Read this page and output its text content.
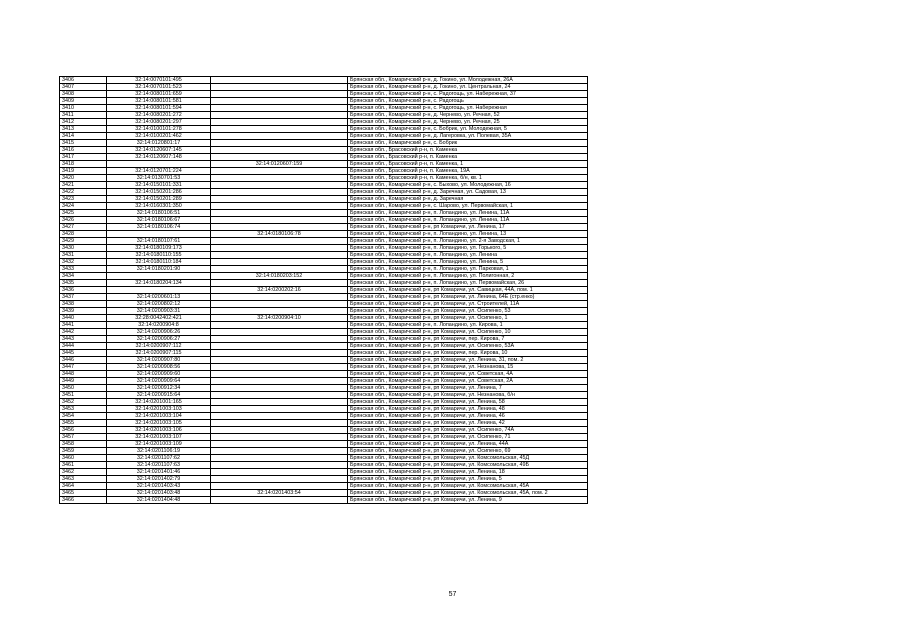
3406	32:14:0070101:495		Брянская обл., Комаричский р-н, д. Гокино, ул. Молодежная, 26А
3407	32:14:0070101:523		Брянская обл., Комаричский р-н, д. Гокино, ул. Центральная, 24
3408	32:14:0080101:659		Брянская обл., Комаричский р-н, с. Радогощь, ул. Набережная, 37
3409	32:14:0080101:581		Брянская обл., Комаричский р-н, с. Радогощь
3410	32:14:0080101:594		Брянская обл., Комаричский р-н, с. Радогощь, ул. Набережная
3411	32:14:0080201:272		Брянская обл., Комаричский р-н, д. Черневo, ул. Речная, 52
3412	32:14:0080201:297		Брянская обл., Комаричский р-н, д. Черневo, ул. Речная, 25
3413	32:14:0100101:278		Брянская обл., Комаричский р-н, с. Бобрик, ул. Молодежная, 5
3414	32:14:0100201:462		Брянская обл., Комаричский р-н, д. Лагеровка, ул. Полевая, 35А
3415	32:14:0120801:17		Брянская обл., Комаричский р-н, с. Бобрик
3416	32:14:0120607:145		Брянская обл., Брасовский р-н, п. Каменка
3417	32:14:0120607:148		Брянская обл., Брасовский р-н, п. Каменка
3418		32:14:0120607:159	Брянская обл., Брасовский р-н, п. Каменка, 1
3419	32:14:0120701:224		Брянская обл., Брасовский р-н, п. Каменка, 19А
3420	32:14:0130701:53		Брянская обл., Брасовский р-н, п. Каменка, б/н, кв. 1
3421	32:14:0150101:331		Брянская обл., Комаричский р-н, с. Быхово, ул. Молодежная, 16
3422	32:14:0150201:286		Брянская обл., Комаричский р-н, д. Заречная, ул. Садовая, 13
3423	32:14:0150201:289		Брянская обл., Комаричский р-н, д. Заречная
3424	32:14:0160301:350		Брянская обл., Комаричский р-н, с. Шарово, ул. Первомайская, 1
3425	32:14:0180106:51		Брянская обл., Комаричский р-н, п. Лопандино, ул. Ленина, 11А
3426	32:14:0180106:67		Брянская обл., Комаричский р-н, п. Лопандино, ул. Ленина, 11А
3427	32:14:0180106:74		Брянская обл., Комаричский р-н, рп Комаричи, ул. Ленина, 17
3428		32:14:0180106:78	Брянская обл., Комаричский р-н, п. Лопандино, ул. Ленина, 13
3429	32:14:0180107:61		Брянская обл., Комаричский р-н, п. Лопандино, ул. 2-я Заводская, 1
3430	32:14:0180109:173		Брянская обл., Комаричский р-н, п. Лопандино, ул. Горького, 5
3431	32:14:0180110:155		Брянская обл., Комаричский р-н, п. Лопандино, ул. Ленина
3432	32:14:0180110:184		Брянская обл., Комаричский р-н, п. Лопандино, ул. Ленина, 5
3433	32:14:0180201:90		Брянская обл., Комаричский р-н, п. Лопандино, ул. Парковая, 1
3434		32:14:0180203:152	Брянская обл., Комаричский р-н, п. Лопандино, ул. Полигонная, 2
3435	32:14:0180204:134		Брянская обл., Комаричский р-н, п. Лопандино, ул. Первомайская, 26
3436		32:14:0200202:16	Брянская обл., Комаричский р-н, рп Комаричи, ул. Савицкая, 44А, пом. 1
3437	32:14:0200601:13		Брянская обл., Комаричский р-н, рп Комаричи, ул. Ленина, 64Е (стр.енко)
3438	32:14:0200802:12		Брянская обл., Комаричский р-н, рп Комаричи, ул. Строителей, 11А
3439	32:14:0200903:31		Брянская обл., Комаричский р-н, рп Комаричи, ул. Осипенко, 53
3440	32:28:0042402:421	32:14:0200904:10	Брянская обл., Комаричский р-н, рп Комаричи, ул. Осипенко, 1
3441	32:14:0200904:8		Брянская обл., Комаричский р-н, п. Лопандино, ул. Кирова, 1
3442	32:14:0200906:26		Брянская обл., Комаричский р-н, рп Комаричи, ул. Осипенко, 10
3443	32:14:0200906:27		Брянская обл., Комаричский р-н, рп Комаричи, пер. Кирова, 7
3444	32:14:0200907:112		Брянская обл., Комаричский р-н, рп Комаричи, ул. Осипенко, 53А
3445	32:14:0200907:115		Брянская обл., Комаричский р-н, рп Комаричи, пер. Кирова, 10
3446	32:14:0200907:80		Брянская обл., Комаричский р-н, рп Комаричи, ул. Ленина, 31, пом. 2
3447	32:14:0200908:56		Брянская обл., Комаричский р-н, рп Комаричи, ул. Незнанова, 15
3448	32:14:0200909:60		Брянская обл., Комаричский р-н, рп Комаричи, ул. Советская, 4А
3449	32:14:0200909:64		Брянская обл., Комаричский р-н, рп Комаричи, ул. Советская, 2А
3450	32:14:0200912:34		Брянская обл., Комаричский р-н, рп Комаричи, ул. Ленина, 7
3451	32:14:0200915:64		Брянская обл., Комаричский р-н, рп Комаричи, ул. Незнанова, б/н
3452	32:14:0201001:165		Брянская обл., Комаричский р-н, рп Комаричи, ул. Ленина, 58
3453	32:14:0201003:103		Брянская обл., Комаричский р-н, рп Комаричи, ул. Ленина, 48
3454	32:14:0201003:104		Брянская обл., Комаричский р-н, рп Комаричи, ул. Ленина, 46
3455	32:14:0201003:105		Брянская обл., Комаричский р-н, рп Комаричи, ул. Ленина, 42
3456	32:14:0201003:106		Брянская обл., Комаричский р-н, рп Комаричи, ул. Осипенко, 74А
3457	32:14:0201003:107		Брянская обл., Комаричский р-н, рп Комаричи, ул. Осипенко, 71
3458	32:14:0201003:109		Брянская обл., Комаричский р-н, рп Комаричи, ул. Ленина, 44А
3459	32:14:0201106:19		Брянская обл., Комаричский р-н, рп Комаричи, ул. Осипенко, 69
3460	32:14:0201107:62		Брянская обл., Комаричский р-н, рп Комаричи, ул. Комсомольская, 45Д
3461	32:14:0201107:63		Брянская обл., Комаричский р-н, рп Комаричи, ул. Комсомольская, 49Б
3462	32:14:0201401:46		Брянская обл., Комаричский р-н, рп Комаричи, ул. Ленина, 18
3463	32:14:0201402:79		Брянская обл., Комаричский р-н, рп Комаричи, ул. Ленина, 5
3464	32:14:0201403:43		Брянская обл., Комаричский р-н, рп Комаричи, ул. Комсомольская, 45А
3465	32:14:0201403:48	32:14:0201403:54	Брянская обл., Комаричский р-н, рп Комаричи, ул. Комсомольская, 45А, пом. 2
3466	32:14:0201404:48		Брянская обл., Комаричский р-н, рп Комаричи, ул. Ленина, 9
57
